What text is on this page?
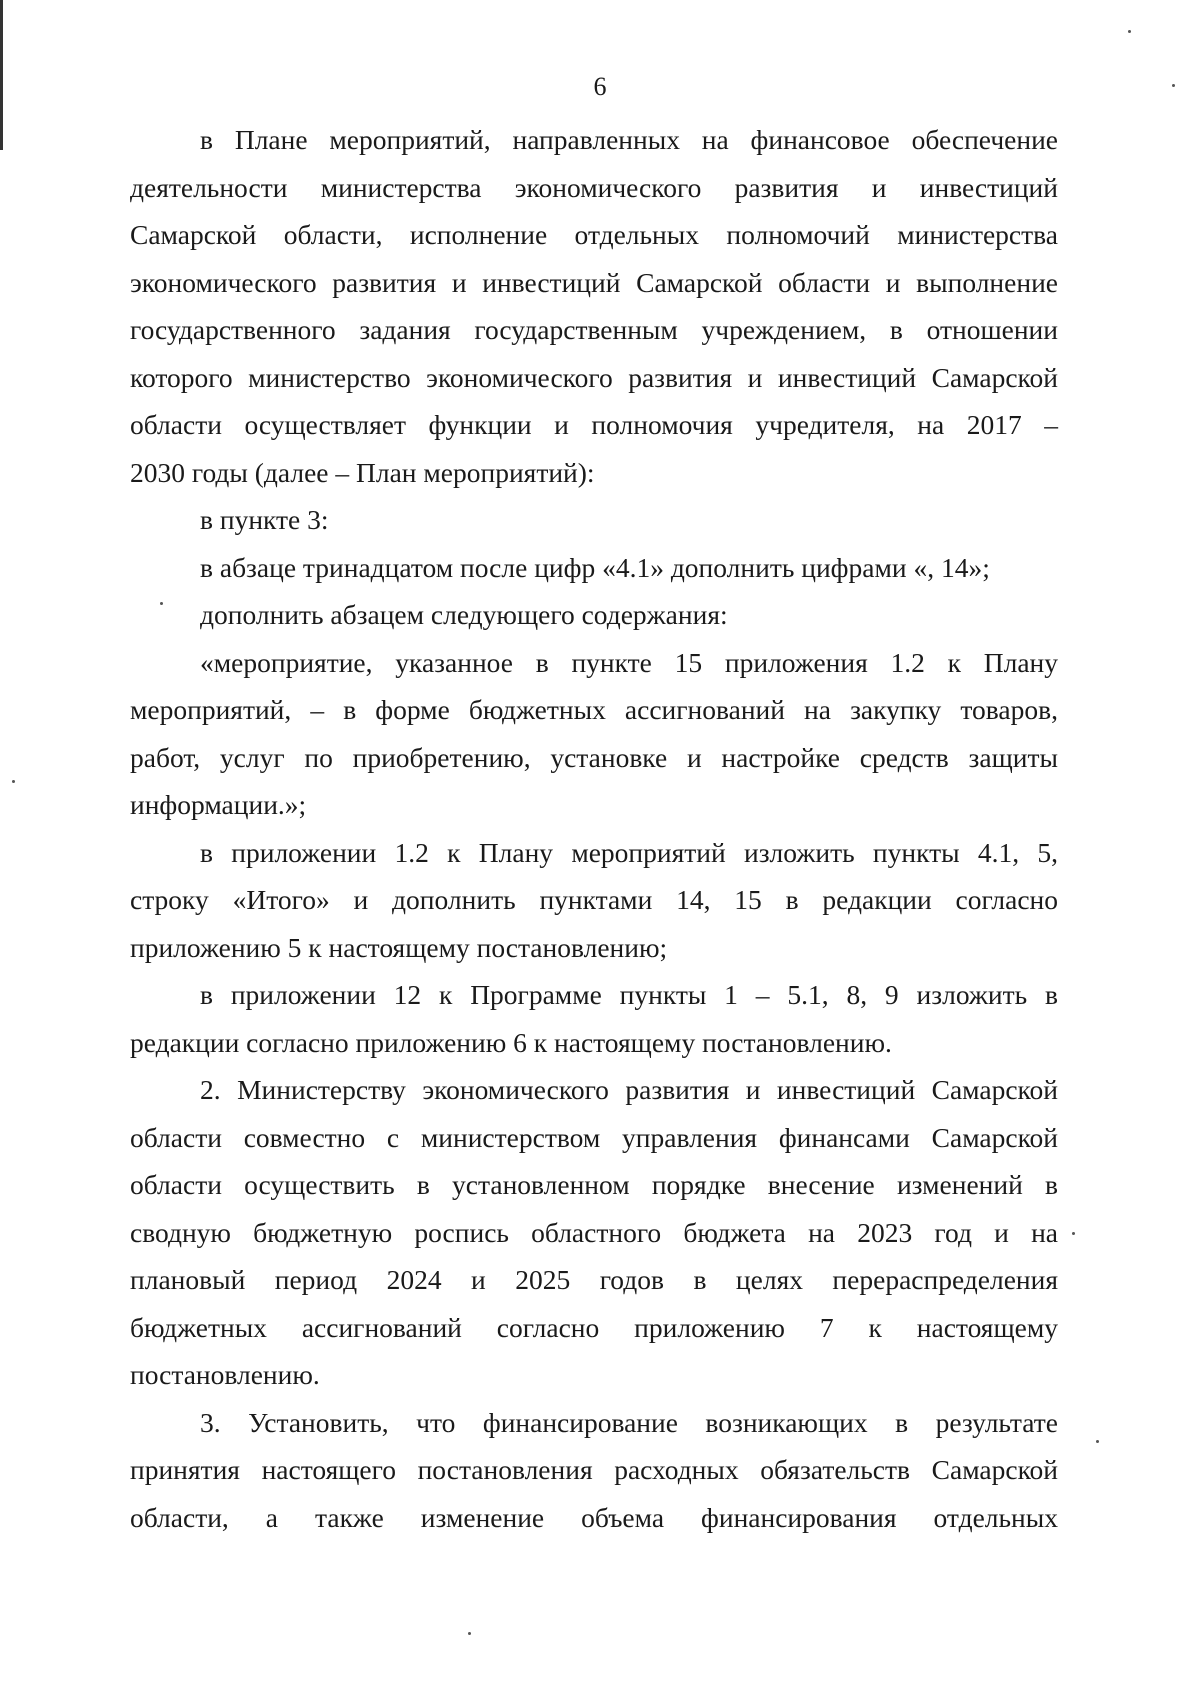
6
в Плане мероприятий, направленных на финансовое обеспечение
деятельности министерства экономического развития и инвестиций
Самарской области, исполнение отдельных полномочий министерства
экономического развития и инвестиций Самарской области и выполнение
государственного задания государственным учреждением, в отношении
которого министерство экономического развития и инвестиций Самарской
области осуществляет функции и полномочия учредителя, на 2017 –
2030 годы (далее – План мероприятий):
в пункте 3:
в абзаце тринадцатом после цифр «4.1» дополнить цифрами «, 14»;
дополнить абзацем следующего содержания:
«мероприятие, указанное в пункте 15 приложения 1.2 к Плану
мероприятий, – в форме бюджетных ассигнований на закупку товаров,
работ, услуг по приобретению, установке и настройке средств защиты
информации.»;
в приложении 1.2 к Плану мероприятий изложить пункты 4.1, 5,
строку «Итого» и дополнить пунктами 14, 15 в редакции согласно
приложению 5 к настоящему постановлению;
в приложении 12 к Программе пункты 1 – 5.1, 8, 9 изложить в
редакции согласно приложению 6 к настоящему постановлению.
2. Министерству экономического развития и инвестиций Самарской
области совместно с министерством управления финансами Самарской
области осуществить в установленном порядке внесение изменений в
сводную бюджетную роспись областного бюджета на 2023 год и на
плановый период 2024 и 2025 годов в целях перераспределения
бюджетных ассигнований согласно приложению 7 к настоящему
постановлению.
3. Установить, что финансирование возникающих в результате
принятия настоящего постановления расходных обязательств Самарской
области, а также изменение объема финансирования отдельных
